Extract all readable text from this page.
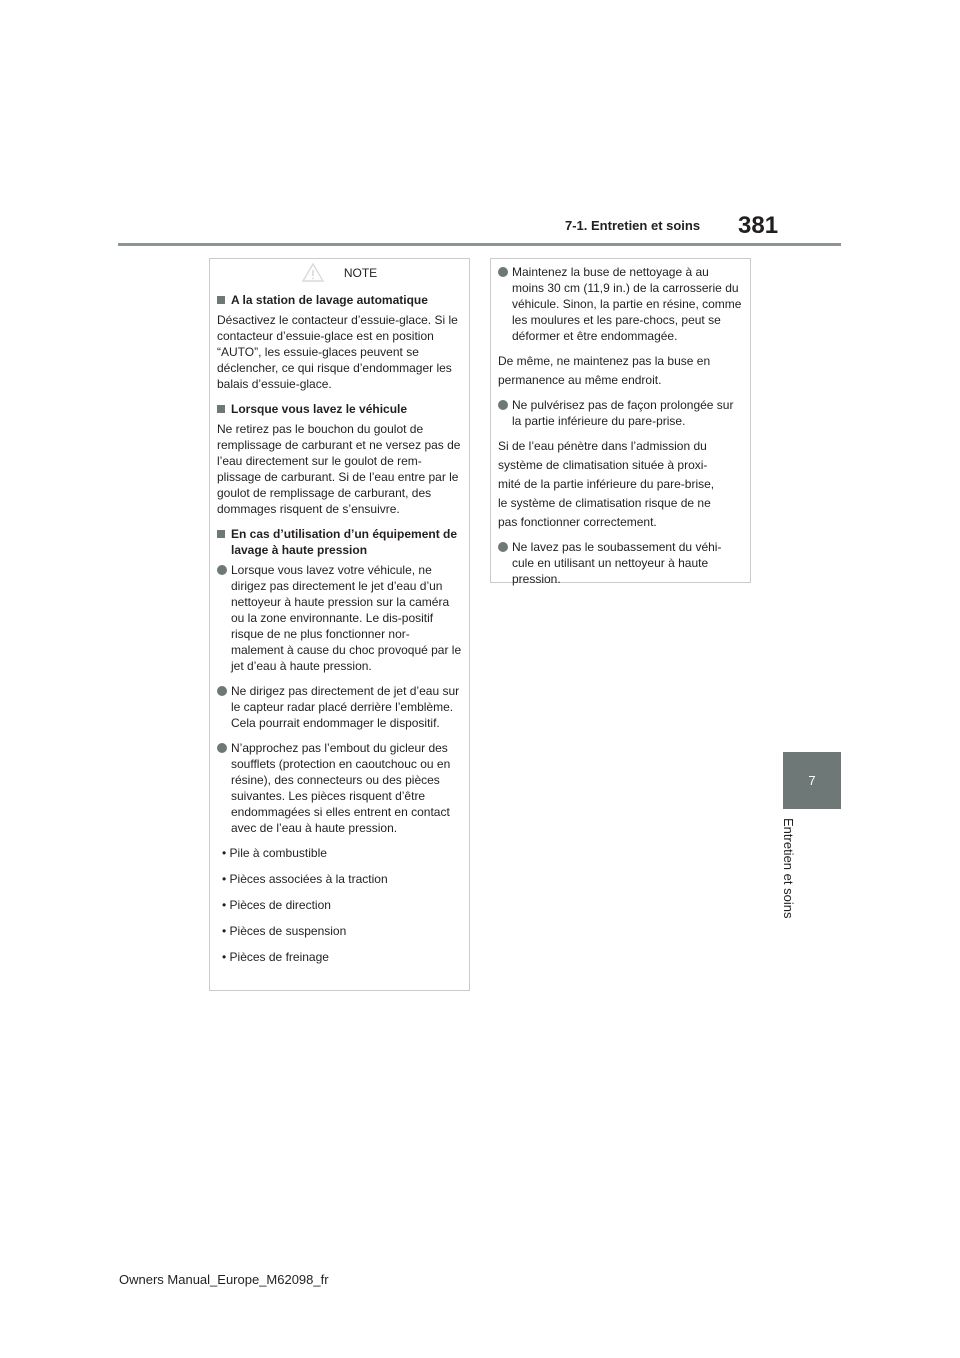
7-1. Entretien et soins 381
7
Entretien et soins
NOTE
A la station de lavage automatique
Désactivez le contacteur d’essuie-glace. Si le contacteur d’essuie-glace est en position “AUTO”, les essuie-glaces peuvent se déclencher, ce qui risque d’endommager les balais d’essuie-glace.
Lorsque vous lavez le véhicule
Ne retirez pas le bouchon du goulot de remplissage de carburant et ne versez pas de l’eau directement sur le goulot de rem-plissage de carburant. Si de l’eau entre par le goulot de remplissage de carburant, des dommages risquent de s’ensuivre.
En cas d’utilisation d’un équipement de lavage à haute pression
Lorsque vous lavez votre véhicule, ne dirigez pas directement le jet d’eau d’un nettoyeur à haute pression sur la caméra ou la zone environnante. Le dis-positif risque de ne plus fonctionner nor-malement à cause du choc provoqué par le jet d’eau à haute pression.
Ne dirigez pas directement de jet d’eau sur le capteur radar placé derrière l’emblème. Cela pourrait endommager le dispositif.
N’approchez pas l’embout du gicleur des soufflets (protection en caoutchouc ou en résine), des connecteurs ou des pièces suivantes. Les pièces risquent d’être endommagées si elles entrent en contact avec de l’eau à haute pression.
• Pile à combustible
• Pièces associées à la traction
• Pièces de direction
• Pièces de suspension
• Pièces de freinage
Maintenez la buse de nettoyage à au moins 30 cm (11,9 in.) de la carrosserie du véhicule. Sinon, la partie en résine, comme les moulures et les pare-chocs, peut se déformer et être endommagée.
De même, ne maintenez pas la buse en
permanence au même endroit.
Ne pulvérisez pas de façon prolongée sur la partie inférieure du pare-prise.
Si de l’eau pénètre dans l’admission du
système de climatisation située à proxi-
mité de la partie inférieure du pare-brise,
le système de climatisation risque de ne
pas fonctionner correctement.
Ne lavez pas le soubassement du véhi-cule en utilisant un nettoyeur à haute pression.
Owners Manual_Europe_M62098_fr
